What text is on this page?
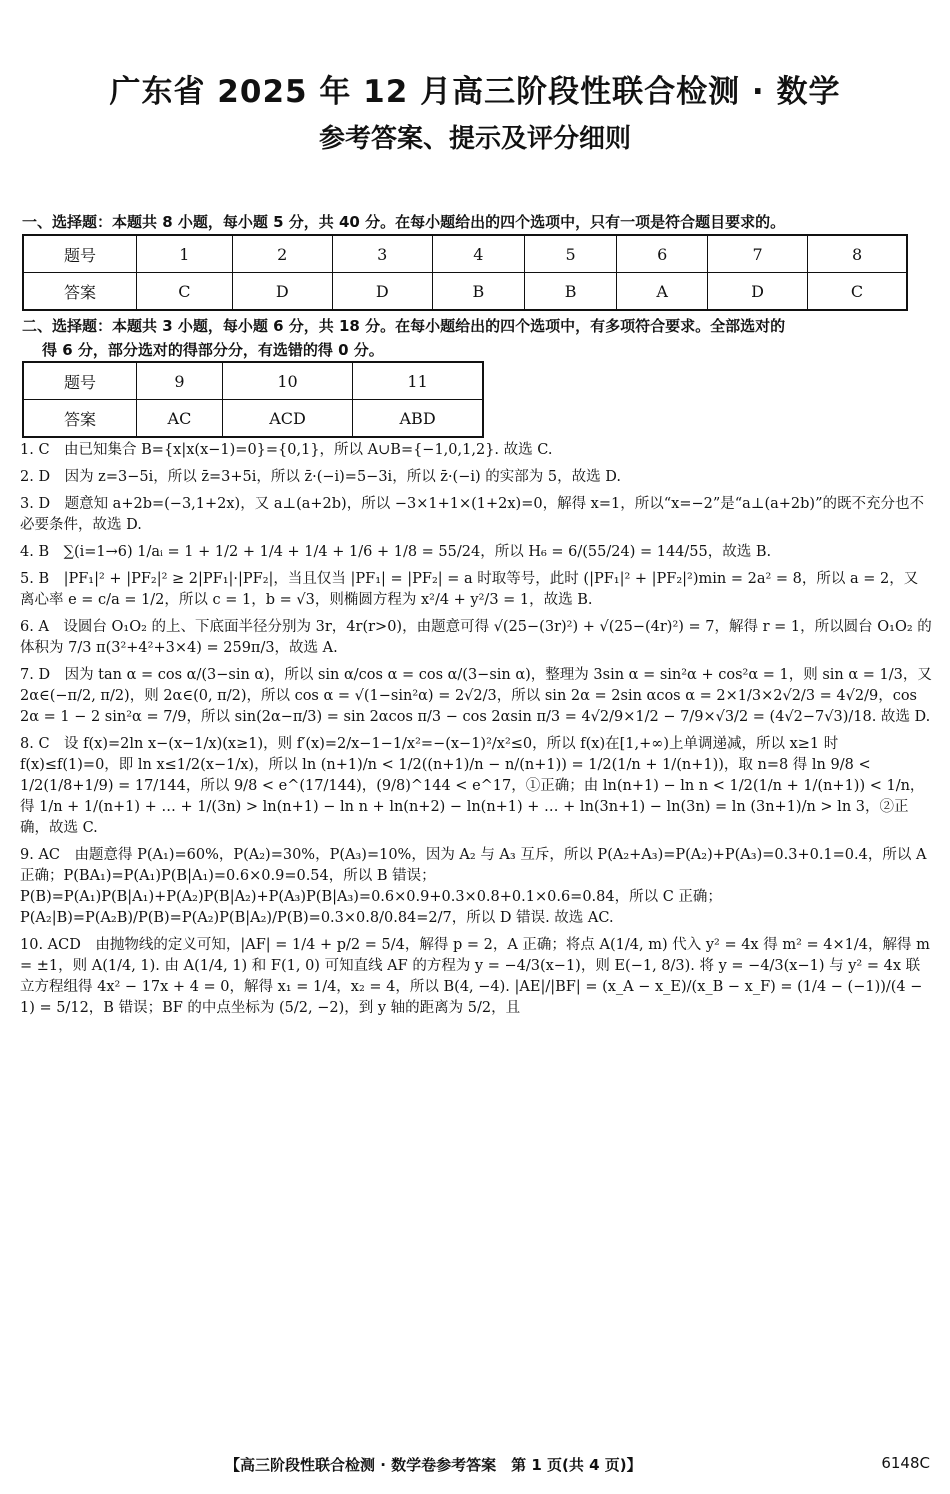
广东省 2025 年 12 月高三阶段性联合检测 · 数学
参考答案、提示及评分细则
一、选择题：本题共 8 小题，每小题 5 分，共 40 分。在每小题给出的四个选项中，只有一项是符合题目要求的。
题号	1	2	3	4	5	6	7	8
答案	C	D	D	B	B	A	D	C
二、选择题：本题共 3 小题，每小题 6 分，共 18 分。在每小题给出的四个选项中，有多项符合要求。全部选对的
得 6 分，部分选对的得部分分，有选错的得 0 分。
题号	9	10	11
答案	AC	ACD	ABD
1. C　 由已知集合 B={x|x(x−1)=0}={0,1}，所以 A∪B={−1,0,1,2}. 故选 C.
2. D　 因为 z=3−5i，所以 z̄=3+5i，所以 z̄·(−i)=5−3i，所以 z̄·(−i) 的实部为 5，故选 D.
3. D　 题意知 a+2b=(−3,1+2x)，又 a⊥(a+2b)，所以 −3×1+1×(1+2x)=0，解得 x=1，所以“x=−2”是“a⊥(a+2b)”的既不充分也不必要条件，故选 D.
4. B　 ∑(i=1→6) 1/aᵢ = 1 + 1/2 + 1/4 + 1/4 + 1/6 + 1/8 = 55/24，所以 H₆ = 6/(55/24) = 144/55，故选 B.
5. B　 |PF₁|² + |PF₂|² ≥ 2|PF₁|·|PF₂|，当且仅当 |PF₁| = |PF₂| = a 时取等号，此时 (|PF₁|² + |PF₂|²)min = 2a² = 8，所以 a = 2，又离心率 e = c/a = 1/2，所以 c = 1，b = √3，则椭圆方程为 x²/4 + y²/3 = 1，故选 B.
6. A　 设圆台 O₁O₂ 的上、下底面半径分别为 3r，4r(r>0)，由题意可得 √(25−(3r)²) + √(25−(4r)²) = 7，解得 r = 1，所以圆台 O₁O₂ 的体积为 7/3 π(3²+4²+3×4) = 259π/3，故选 A.
7. D　 因为 tan α = cos α/(3−sin α)，所以 sin α/cos α = cos α/(3−sin α)，整理为 3sin α = sin²α + cos²α = 1，则 sin α = 1/3，又 2α∈(−π/2, π/2)，则 2α∈(0, π/2)，所以 cos α = √(1−sin²α) = 2√2/3，所以 sin 2α = 2sin αcos α = 2×1/3×2√2/3 = 4√2/9，cos 2α = 1 − 2 sin²α = 7/9，所以 sin(2α−π/3) = sin 2αcos π/3 − cos 2αsin π/3 = 4√2/9×1/2 − 7/9×√3/2 = (4√2−7√3)/18. 故选 D.
8. C　 设 f(x)=2ln x−(x−1/x)(x≥1)，则 f′(x)=2/x−1−1/x²=−(x−1)²/x²≤0，所以 f(x)在[1,+∞)上单调递减，所以 x≥1 时 f(x)≤f(1)=0，即 ln x≤1/2(x−1/x)，所以 ln (n+1)/n < 1/2((n+1)/n − n/(n+1)) = 1/2(1/n + 1/(n+1))，取 n=8 得 ln 9/8 < 1/2(1/8+1/9) = 17/144，所以 9/8 < e^(17/144)，(9/8)^144 < e^17，①正确；由 ln(n+1) − ln n < 1/2(1/n + 1/(n+1)) < 1/n，得 1/n + 1/(n+1) + … + 1/(3n) > ln(n+1) − ln n + ln(n+2) − ln(n+1) + … + ln(3n+1) − ln(3n) = ln (3n+1)/n > ln 3，②正确，故选 C.
9. AC　 由题意得 P(A₁)=60%，P(A₂)=30%，P(A₃)=10%，因为 A₂ 与 A₃ 互斥，所以 P(A₂+A₃)=P(A₂)+P(A₃)=0.3+0.1=0.4，所以 A 正确；P(BA₁)=P(A₁)P(B|A₁)=0.6×0.9=0.54，所以 B 错误；P(B)=P(A₁)P(B|A₁)+P(A₂)P(B|A₂)+P(A₃)P(B|A₃)=0.6×0.9+0.3×0.8+0.1×0.6=0.84，所以 C 正确；P(A₂|B)=P(A₂B)/P(B)=P(A₂)P(B|A₂)/P(B)=0.3×0.8/0.84=2/7，所以 D 错误. 故选 AC.
10. ACD　 由抛物线的定义可知，|AF| = 1/4 + p/2 = 5/4，解得 p = 2，A 正确；将点 A(1/4, m) 代入 y² = 4x 得 m² = 4×1/4，解得 m = ±1，则 A(1/4, 1). 由 A(1/4, 1) 和 F(1, 0) 可知直线 AF 的方程为 y = −4/3(x−1)，则 E(−1, 8/3). 将 y = −4/3(x−1) 与 y² = 4x 联立方程组得 4x² − 17x + 4 = 0，解得 x₁ = 1/4，x₂ = 4，所以 B(4, −4). |AE|/|BF| = (x_A − x_E)/(x_B − x_F) = (1/4 − (−1))/(4 − 1) = 5/12，B 错误；BF 的中点坐标为 (5/2, −2)，到 y 轴的距离为 5/2，且
【高三阶段性联合检测 · 数学卷参考答案　第 1 页(共 4 页)】	6148C
